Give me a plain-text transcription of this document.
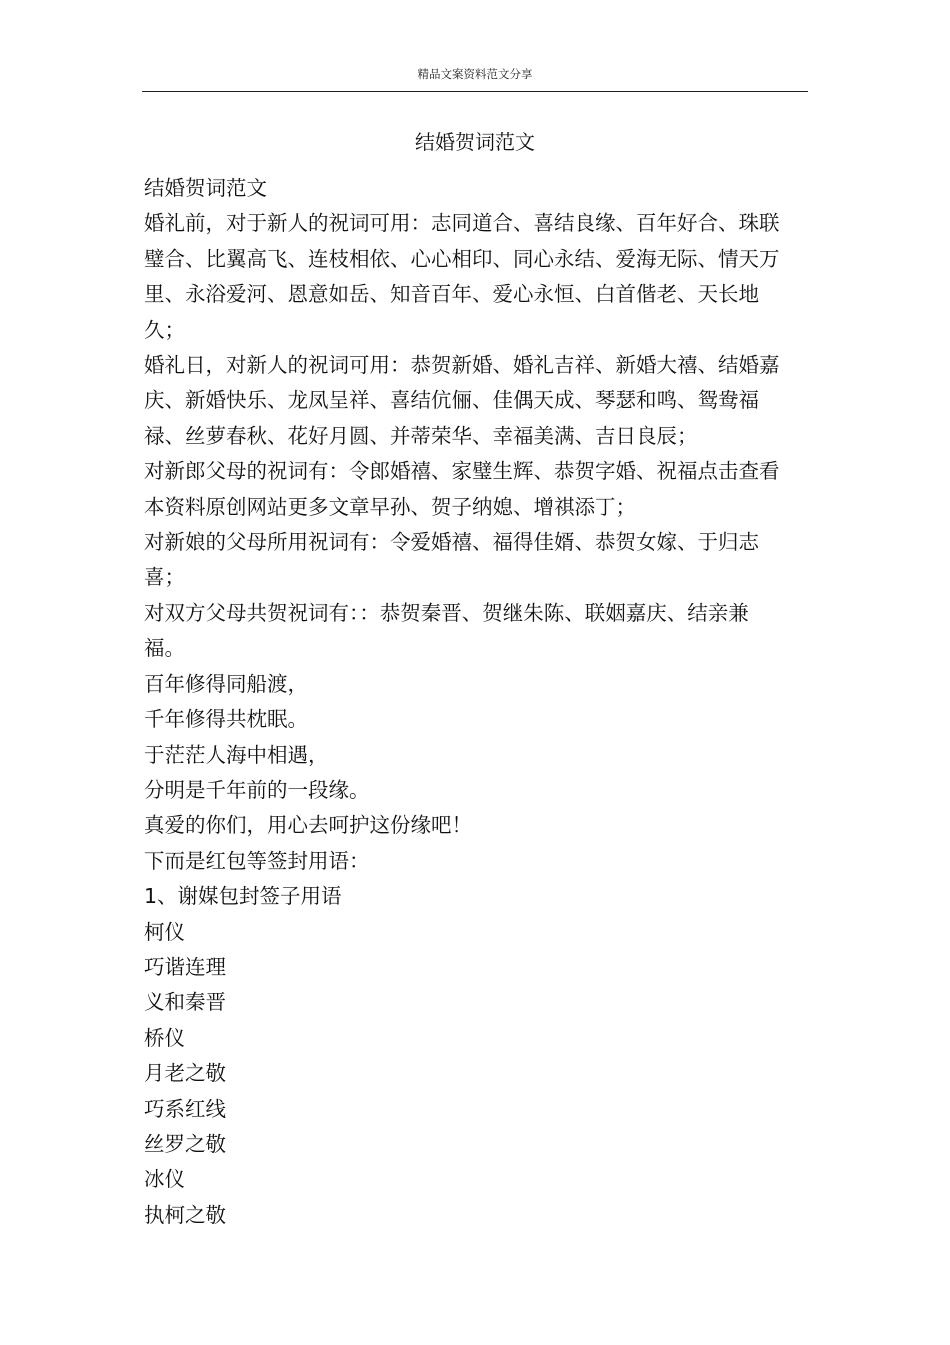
精品文案资料范文分享
结婚贺词范文

结婚贺词范文

婚礼前，对于新人的祝词可用：志同道合、喜结良缘、百年好合、珠联璧合、比翼高飞、连枝相依、心心相印、同心永结、爱海无际、情天万里、永浴爱河、恩意如岳、知音百年、爱心永恒、白首偕老、天长地久；

婚礼日，对新人的祝词可用：恭贺新婚、婚礼吉祥、新婚大禧、结婚嘉庆、新婚快乐、龙凤呈祥、喜结伉俪、佳偶天成、琴瑟和鸣、鸳鸯福禄、丝萝春秋、花好月圆、并蒂荣华、幸福美满、吉日良辰；

对新郎父母的祝词有：令郎婚禧、家璧生辉、恭贺字婚、祝福点击查看本资料原创网站更多文章早孙、贺子纳媳、增祺添丁；

对新娘的父母所用祝词有：令爱婚禧、福得佳婿、恭贺女嫁、于归志喜；

对双方父母共贺祝词有：：恭贺秦晋、贺继朱陈、联姻嘉庆、结亲兼福。

百年修得同船渡，

千年修得共枕眠。

于茫茫人海中相遇，

分明是千年前的一段缘。

真爱的你们，用心去呵护这份缘吧！

下而是红包等签封用语：

1、谢媒包封签子用语

柯仪

巧谐连理

义和秦晋

桥仪

月老之敬

巧系红线

丝罗之敬

冰仪

执柯之敬
